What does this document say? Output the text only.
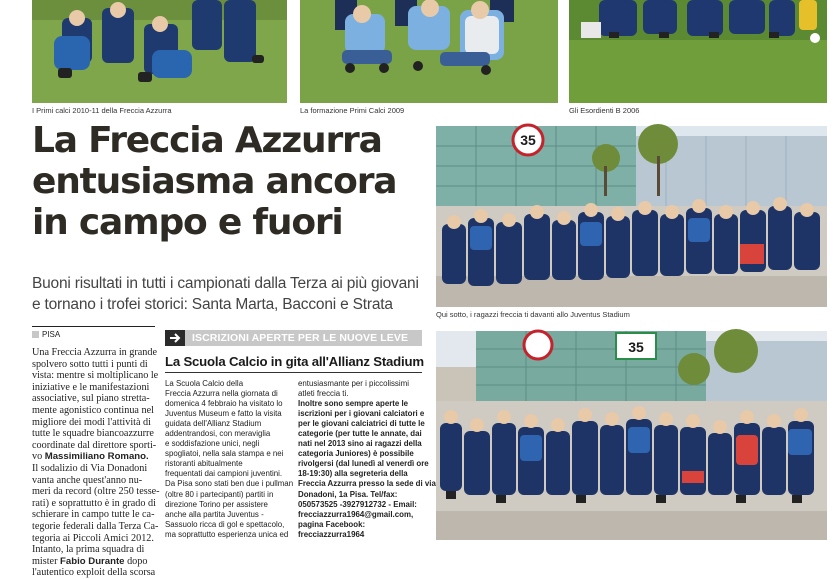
I Primi calci 2010-11 della Freccia Azzurra	La formazione Primi Calci 2009	Gli Esordienti B 2006
La Freccia Azzurra
entusiasma ancora
in campo e fuori
Buoni risultati in tutti i campionati dalla Terza ai più giovani
e tornano i trofei storici: Santa Marta, Bacconi e Strata
35
Qui sotto, i ragazzi freccia ti davanti allo Juventus Stadium
PISA
Una Freccia Azzurra in grande
spolvero sotto tutti i punti di
vista: mentre si moltiplicano le
iniziative e le manifestazioni
associative, sul piano stretta-
mente agonistico continua nel
migliore dei modi l'attività di
tutte le squadre biancoazzurre
coordinate dal direttore sporti-
vo Massimiliano Romano.
Il sodalizio di Via Donadoni
vanta anche quest'anno nu-
meri da record (oltre 250 tesse-
rati) e soprattutto è in grado di
schierare in campo tutte le ca-
tegorie federali dalla Terza Ca-
tegoria ai Piccoli Amici 2012.
Intanto, la prima squadra di
mister Fabio Durante dopo
l'autentico exploit della scorsa
ISCRIZIONI APERTE PER LE NUOVE LEVE
La Scuola Calcio in gita all'Allianz Stadium
La Scuola Calcio della
Freccia Azzurra nella giornata di
domenica 4 febbraio ha visitato lo
Juventus Museum e fatto la visita
guidata dell'Allianz Stadium
addentrandosi, con meraviglia
e soddisfazione unici, negli
spogliatoi, nella sala stampa e nei
ristoranti abitualmente
frequentati dai campioni juventini.
Da Pisa sono stati ben due i pullman
(oltre 80 i partecipanti) partiti in
direzione Torino per assistere
anche alla partita Juventus -
Sassuolo ricca di gol e spettacolo,
ma soprattutto esperienza unica ed
entusiasmante per i piccolissimi
atleti freccia ti.
Inoltre sono sempre aperte le
iscrizioni per i giovani calciatori e
per le giovani calciatrici di tutte le
categorie (per tutte le annate, dai
nati nel 2013 sino ai ragazzi della
categoria Juniores) è possibile
rivolgersi (dal lunedì al venerdì ore
18-19:30) alla segreteria della
Freccia Azzurra presso la sede di via
Donadoni, 1a Pisa. Tel/fax:
050573525 -3927912732 - Email:
frecciazzurra1964@gmail.com,
pagina Facebook:
frecciazzurra1964
35
